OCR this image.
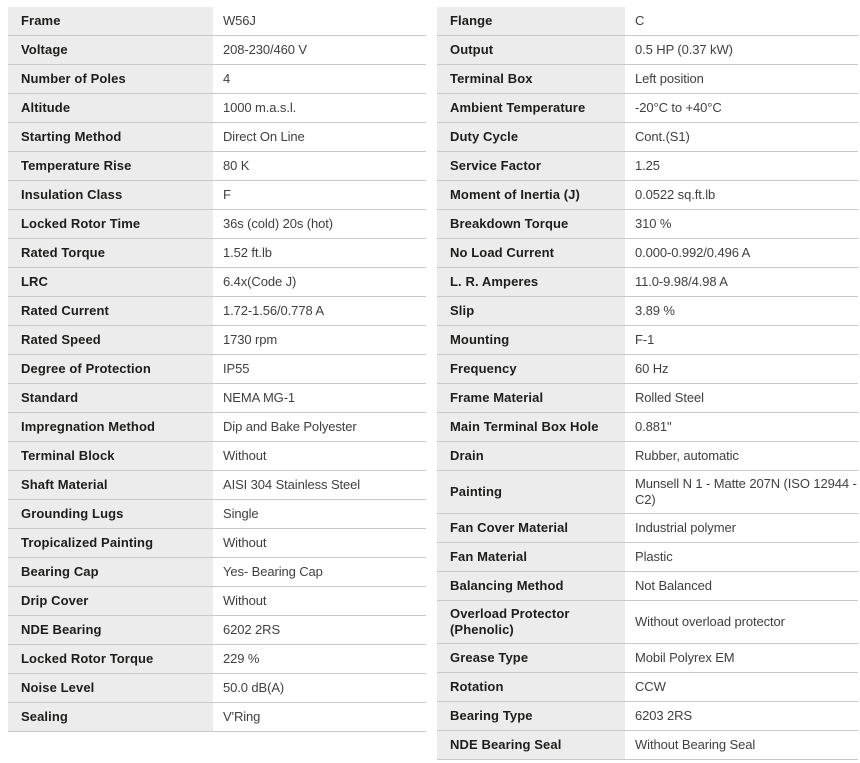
Frame	W56J
Voltage	208-230/460 V
Number of Poles	4
Altitude	1000 m.a.s.l.
Starting Method	Direct On Line
Temperature Rise	80 K
Insulation Class	F
Locked Rotor Time	36s (cold) 20s (hot)
Rated Torque	1.52 ft.lb
LRC	6.4x(Code J)
Rated Current	1.72-1.56/0.778 A
Rated Speed	1730 rpm
Degree of Protection	IP55
Standard	NEMA MG-1
Impregnation Method	Dip and Bake Polyester
Terminal Block	Without
Shaft Material	AISI 304 Stainless Steel
Grounding Lugs	Single
Tropicalized Painting	Without
Bearing Cap	Yes- Bearing Cap
Drip Cover	Without
NDE Bearing	6202 2RS
Locked Rotor Torque	229 %
Noise Level	50.0 dB(A)
Sealing	V'Ring
Flange	C
Output	0.5 HP (0.37 kW)
Terminal Box	Left position
Ambient Temperature	-20°C to +40°C
Duty Cycle	Cont.(S1)
Service Factor	1.25
Moment of Inertia (J)	0.0522 sq.ft.lb
Breakdown Torque	310 %
No Load Current	0.000-0.992/0.496 A
L. R. Amperes	11.0-9.98/4.98 A
Slip	3.89 %
Mounting	F-1
Frequency	60 Hz
Frame Material	Rolled Steel
Main Terminal Box Hole	0.881"
Drain	Rubber, automatic
Painting	Munsell N 1 - Matte 207N (ISO 12944 - C2)
Fan Cover Material	Industrial polymer
Fan Material	Plastic
Balancing Method	Not Balanced
Overload Protector (Phenolic)	Without overload protector
Grease Type	Mobil Polyrex EM
Rotation	CCW
Bearing Type	6203 2RS
NDE Bearing Seal	Without Bearing Seal
